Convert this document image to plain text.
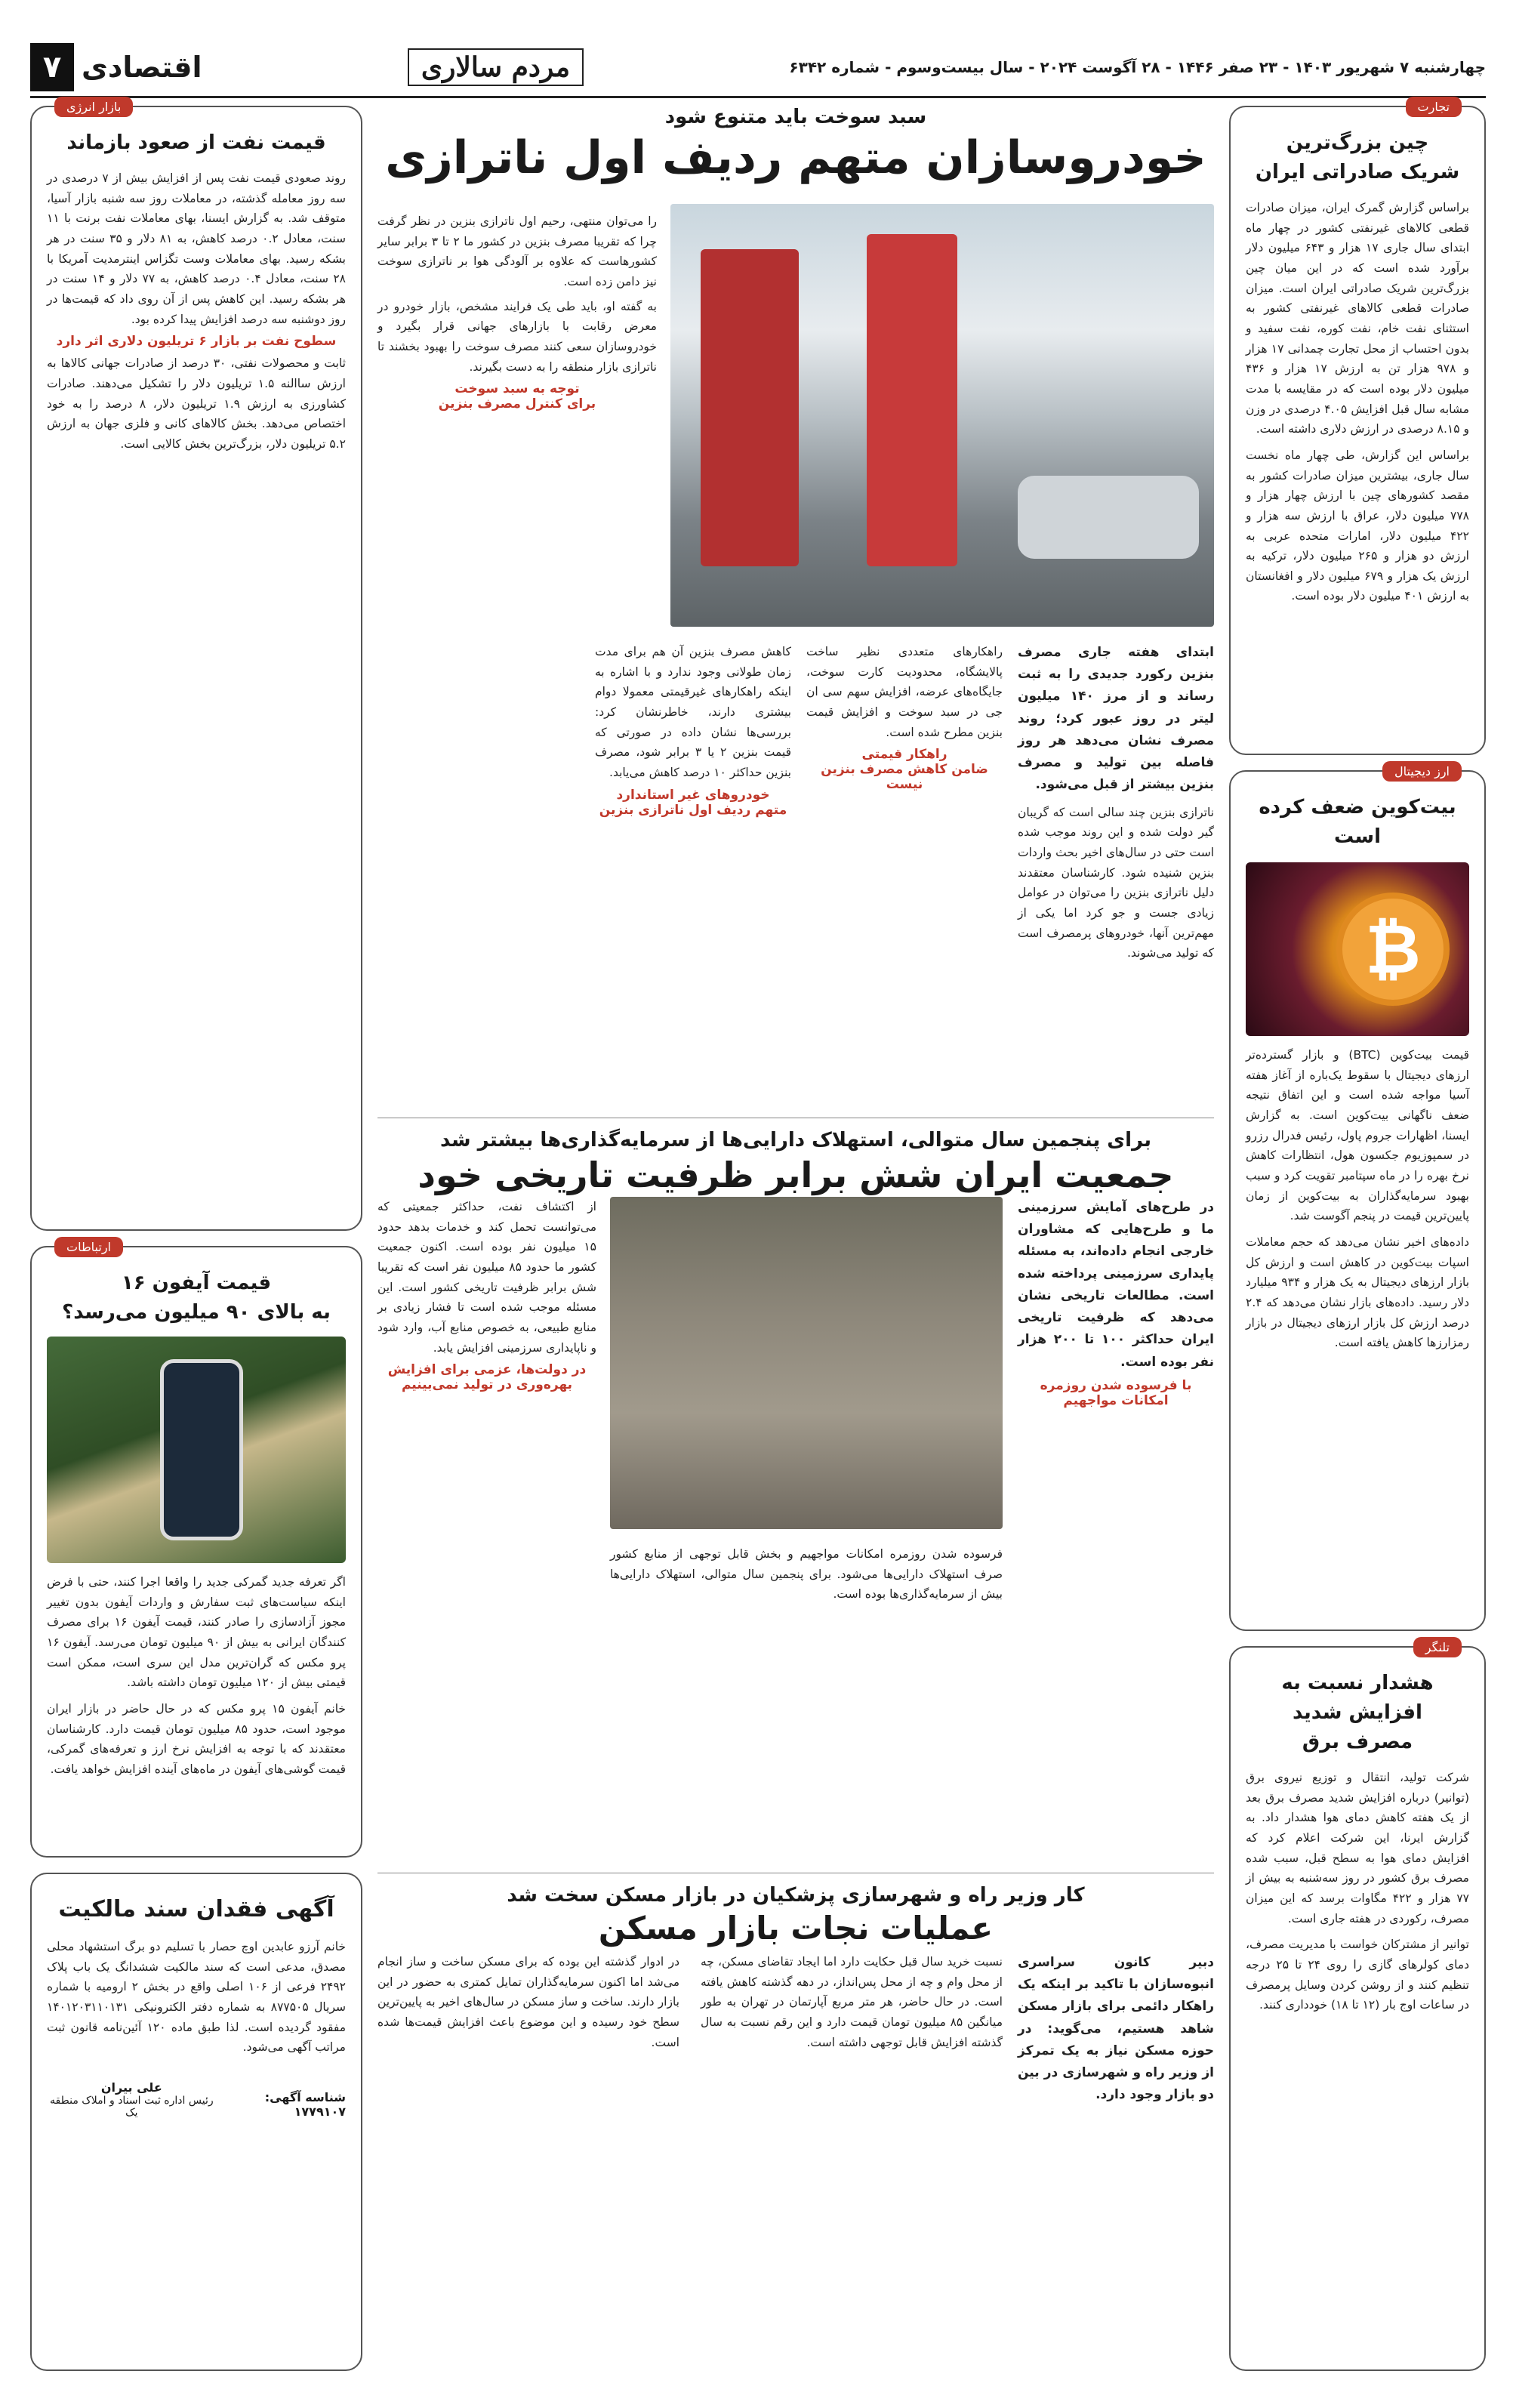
چهارشنبه ۷ شهریور ۱۴۰۳ - ۲۳ صفر ۱۴۴۶ - ۲۸ آگوست ۲۰۲۴ - سال بیست‌وسوم - شماره ۶۳۴۲
مردم سالاری
اقتصادی
۷
تجارت
چین بزرگ‌ترین
شریک صادراتی ایران

براساس گزارش گمرک ایران، میزان صادرات قطعی کالاهای غیرنفتی کشور در چهار ماه ابتدای سال جاری ۱۷ هزار و ۶۴۳ میلیون دلار برآورد شده است که در این میان چین بزرگ‌ترین شریک صادراتی ایران است. میزان صادرات قطعی کالاهای غیرنفتی کشور به استثنای نفت خام، نفت کوره، نفت سفید و بدون احتساب از محل تجارت چمدانی ۱۷ هزار و ۹۷۸ هزار تن به ارزش ۱۷ هزار و ۴۳۶ میلیون دلار بوده است که در مقایسه با مدت مشابه سال قبل افزایش ۴.۰۵ درصدی در وزن و ۸.۱۵ درصدی در ارزش دلاری داشته است.

براساس این گزارش، طی چهار ماه نخست سال جاری، بیشترین میزان صادرات کشور به مقصد کشورهای چین با ارزش چهار هزار و ۷۷۸ میلیون دلار، عراق با ارزش سه هزار و ۴۲۲ میلیون دلار، امارات متحده عربی به ارزش دو هزار و ۲۶۵ میلیون دلار، ترکیه به ارزش یک هزار و ۶۷۹ میلیون دلار و افغانستان به ارزش ۴۰۱ میلیون دلار بوده است.

ارز دیجیتال
بیت‌کوین ضعف کرده است
₿

قیمت بیت‌کوین (BTC) و بازار گسترده‌تر ارزهای دیجیتال با سقوط یک‌باره از آغاز هفته آسیا مواجه شده است و این اتفاق نتیجه ضعف ناگهانی بیت‌کوین است. به گزارش ایسنا، اظهارات جروم پاول، رئیس فدرال رزرو در سمپوزیوم جکسون هول، انتظارات کاهش نرخ بهره را در ماه سپتامبر تقویت کرد و سبب بهبود سرمایه‌گذاران به بیت‌کوین از زمان پایین‌ترین قیمت در پنجم آگوست شد.

داده‌های اخیر نشان می‌دهد که حجم معاملات اسپات بیت‌کوین در کاهش است و ارزش کل بازار ارزهای دیجیتال به یک هزار و ۹۳۴ میلیارد دلار رسید. داده‌های بازار نشان می‌دهد که ۲.۴ درصد ارزش کل بازار ارزهای دیجیتال در بازار رمزارزها کاهش یافته است.

تلنگر
هشدار نسبت به افزایش شدید
مصرف برق

شرکت تولید، انتقال و توزیع نیروی برق (توانیر) درباره افزایش شدید مصرف برق بعد از یک هفته کاهش دمای هوا هشدار داد. به گزارش ایرنا، این شرکت اعلام کرد که افزایش دمای هوا به سطح قبل، سبب شده مصرف برق کشور در روز سه‌شنبه به بیش از ۷۷ هزار و ۴۲۲ مگاوات برسد که این میزان مصرف، رکوردی در هفته جاری است.

توانیر از مشترکان خواست با مدیریت مصرف، دمای کولرهای گازی را روی ۲۴ تا ۲۵ درجه تنظیم کنند و از روشن کردن وسایل پرمصرف در ساعات اوج بار (۱۲ تا ۱۸) خودداری کنند.

بازار انرژی
قیمت نفت از صعود بازماند

روند صعودی قیمت نفت پس از افزایش بیش از ۷ درصدی در سه روز معامله گذشته، در معاملات روز سه شنبه بازار آسیا، متوقف شد. به گزارش ایسنا، بهای معاملات نفت برنت با ۱۱ سنت، معادل ۰.۲ درصد کاهش، به ۸۱ دلار و ۳۵ سنت در هر بشکه رسید. بهای معاملات وست تگزاس اینترمدیت آمریکا با ۲۸ سنت، معادل ۰.۴ درصد کاهش، به ۷۷ دلار و ۱۴ سنت در هر بشکه رسید. این کاهش پس از آن روی داد که قیمت‌ها در روز دوشنبه سه درصد افزایش پیدا کرده بود.

سطوح نفت بر بازار ۶ تریلیون دلاری اثر دارد

ثابت و محصولات نفتی، ۳۰ درصد از صادرات جهانی کالاها به ارزش ساالنه ۱.۵ تریلیون دلار را تشکیل می‌دهند. صادرات کشاورزی به ارزش ۱.۹ تریلیون دلار، ۸ درصد را به خود اختصاص می‌دهد. بخش کالاهای کانی و فلزی جهان به ارزش ۵.۲ تریلیون دلار، بزرگ‌ترین بخش کالایی است.

ارتباطات
قیمت آیفون ۱۶
به بالای ۹۰ میلیون می‌رسد؟

اگر تعرفه جدید گمرکی جدید را واقعا اجرا کنند، حتی با فرض اینکه سیاست‌های ثبت سفارش و واردات آیفون بدون تغییر مجوز آزادسازی را صادر کنند، قیمت آیفون ۱۶ برای مصرف کنندگان ایرانی به بیش از ۹۰ میلیون تومان می‌رسد. آیفون ۱۶ پرو مکس که گران‌ترین مدل این سری است، ممکن است قیمتی بیش از ۱۲۰ میلیون تومان داشته باشد.

خانم آیفون ۱۵ پرو مکس که در حال حاضر در بازار ایران موجود است، حدود ۸۵ میلیون تومان قیمت دارد. کارشناسان معتقدند که با توجه به افزایش نرخ ارز و تعرفه‌های گمرکی، قیمت گوشی‌های آیفون در ماه‌های آینده افزایش خواهد یافت.

آگهی فقدان سند مالکیت

خانم آرزو عابدین اوچ حصار با تسلیم دو برگ استشهاد محلی مصدق، مدعی است که سند مالکیت ششدانگ یک باب پلاک ۲۴۹۲ فرعی از ۱۰۶ اصلی واقع در بخش ۲ ارومیه با شماره سریال ۸۷۷۵۰۵ به شماره دفتر الکترونیکی ۱۴۰۱۲۰۳۱۱۰۱۳۱ مفقود گردیده است. لذا طبق ماده ۱۲۰ آئین‌نامه قانون ثبت مراتب آگهی می‌شود.

شناسه آگهی: ۱۷۷۹۱۰۷
علی بیران
رئیس اداره ثبت اسناد و املاک منطقه یک
سبد سوخت باید متنوع شود
خودروسازان متهم ردیف اول ناترازی

را می‌توان منتهی، رحیم اول ناترازی بنزین در نظر گرفت چرا که تقریبا مصرف بنزین در کشور ما ۲ تا ۳ برابر سایر کشورهاست که علاوه بر آلودگی هوا بر ناترازی سوخت نیز دامن زده است.

به گفته او، باید طی یک فرایند مشخص، بازار خودرو در معرض رقابت با بازارهای جهانی قرار بگیرد و خودروسازان سعی کنند مصرف سوخت را بهبود بخشند تا ناترازی بازار منطقه را به دست بگیرند.

توجه به سبد سوخت
برای کنترل مصرف بنزین

ابتدای هفته جاری مصرف بنزین رکورد جدیدی را به ثبت رساند و از مرز ۱۴۰ میلیون لیتر در روز عبور کرد؛ روند مصرف نشان می‌دهد هر روز فاصله بین تولید و مصرف بنزین بیشتر از قبل می‌شود.

ناترازی بنزین چند سالی است که گریبان گیر دولت شده و این روند موجب شده است حتی در سال‌های اخیر بحث واردات بنزین شنیده شود. کارشناسان معتقدند دلیل ناترازی بنزین را می‌توان در عوامل زیادی جست و جو کرد اما یکی از مهم‌ترین آنها، خودروهای پرمصرف است که تولید می‌شوند.

راهکارهای متعددی نظیر ساخت پالایشگاه، محدودیت کارت سوخت، جایگاه‌های عرضه، افزایش سهم سی ان جی در سبد سوخت و افزایش قیمت بنزین مطرح شده است.

راهکار قیمتی
ضامن کاهش مصرف بنزین نیست

کاهش مصرف بنزین آن هم برای مدت زمان طولانی وجود ندارد و با اشاره به اینکه راهکارهای غیرقیمتی معمولا دوام بیشتری دارند، خاطرنشان کرد: بررسی‌ها نشان داده در صورتی که قیمت بنزین ۲ یا ۳ برابر شود، مصرف بنزین حداکثر ۱۰ درصد کاهش می‌یابد.

خودروهای غیر استاندارد
متهم ردیف اول ناترازی بنزین
برای پنجمین سال متوالی، استهلاک دارایی‌ها از سرمایه‌گذاری‌ها بیشتر شد
جمعیت ایران شش برابر ظرفیت تاریخی خود

در طرح‌های آمایش سرزمینی ما و طرح‌هایی که مشاوران خارجی انجام داده‌اند، به مسئله پایداری سرزمینی پرداخته شده است. مطالعات تاریخی نشان می‌دهد که ظرفیت تاریخی ایران حداکثر ۱۰۰ تا ۲۰۰ هزار نفر بوده است.

با فرسوده شدن روزمره
امکانات مواجهیم

از اکتشاف نفت، حداکثر جمعیتی که می‌توانست تحمل کند و خدمات بدهد حدود ۱۵ میلیون نفر بوده است. اکنون جمعیت کشور ما حدود ۸۵ میلیون نفر است که تقریبا شش برابر ظرفیت تاریخی کشور است. این مسئله موجب شده است تا فشار زیادی بر منابع طبیعی، به خصوص منابع آب، وارد شود و ناپایداری سرزمینی افزایش یابد.

در دولت‌ها، عزمی برای افزایش بهره‌وری در تولید نمی‌بینیم

فرسوده شدن روزمره امکانات مواجهیم و بخش قابل توجهی از منابع کشور صرف استهلاک دارایی‌ها می‌شود. برای پنجمین سال متوالی، استهلاک دارایی‌ها بیش از سرمایه‌گذاری‌ها بوده است.

کار وزیر راه و شهرسازی پزشکیان در بازار مسکن سخت شد
عملیات نجات بازار مسکن

دبیر کانون سراسری انبوه‌سازان با تاکید بر اینکه یک راهکار دائمی برای بازار مسکن شاهد هستیم، می‌گوید: در حوزه مسکن نیاز به یک تمرکز از وزیر راه و شهرسازی در بین دو بازار وجود دارد.

نسبت خرید سال قبل حکایت دارد اما ایجاد تقاضای مسکن، چه از محل وام و چه از محل پس‌انداز، در دهه گذشته کاهش یافته است. در حال حاضر، هر متر مربع آپارتمان در تهران به طور میانگین ۸۵ میلیون تومان قیمت دارد و این رقم نسبت به سال گذشته افزایش قابل توجهی داشته است.

در ادوار گذشته این بوده که برای مسکن ساخت و ساز انجام می‌شد اما اکنون سرمایه‌گذاران تمایل کمتری به حضور در این بازار دارند. ساخت و ساز مسکن در سال‌های اخیر به پایین‌ترین سطح خود رسیده و این موضوع باعث افزایش قیمت‌ها شده است.
